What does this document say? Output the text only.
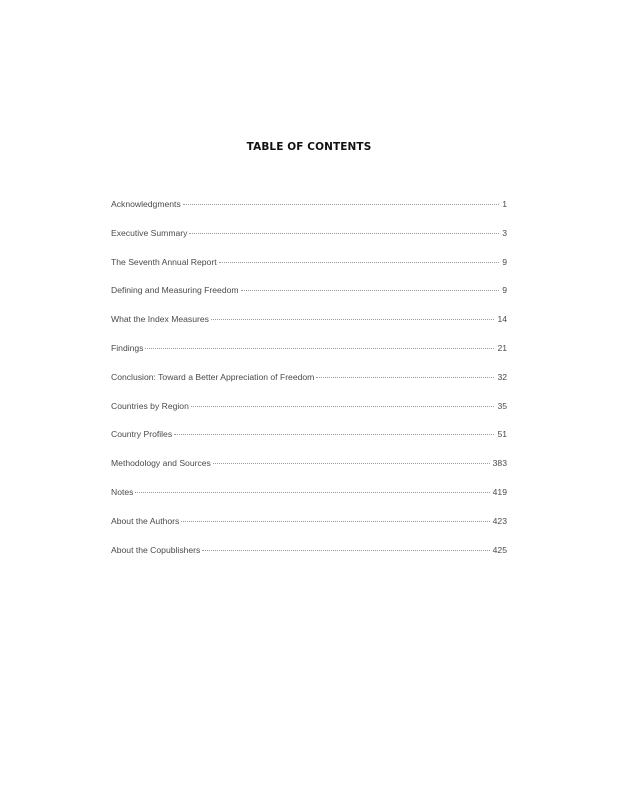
TABLE OF CONTENTS
Acknowledgments	1
Executive Summary	3
The Seventh Annual Report	9
Defining and Measuring Freedom	9
What the Index Measures	14
Findings	21
Conclusion: Toward a Better Appreciation of Freedom	32
Countries by Region	35
Country Profiles	51
Methodology and Sources	383
Notes	419
About the Authors	423
About the Copublishers	425
